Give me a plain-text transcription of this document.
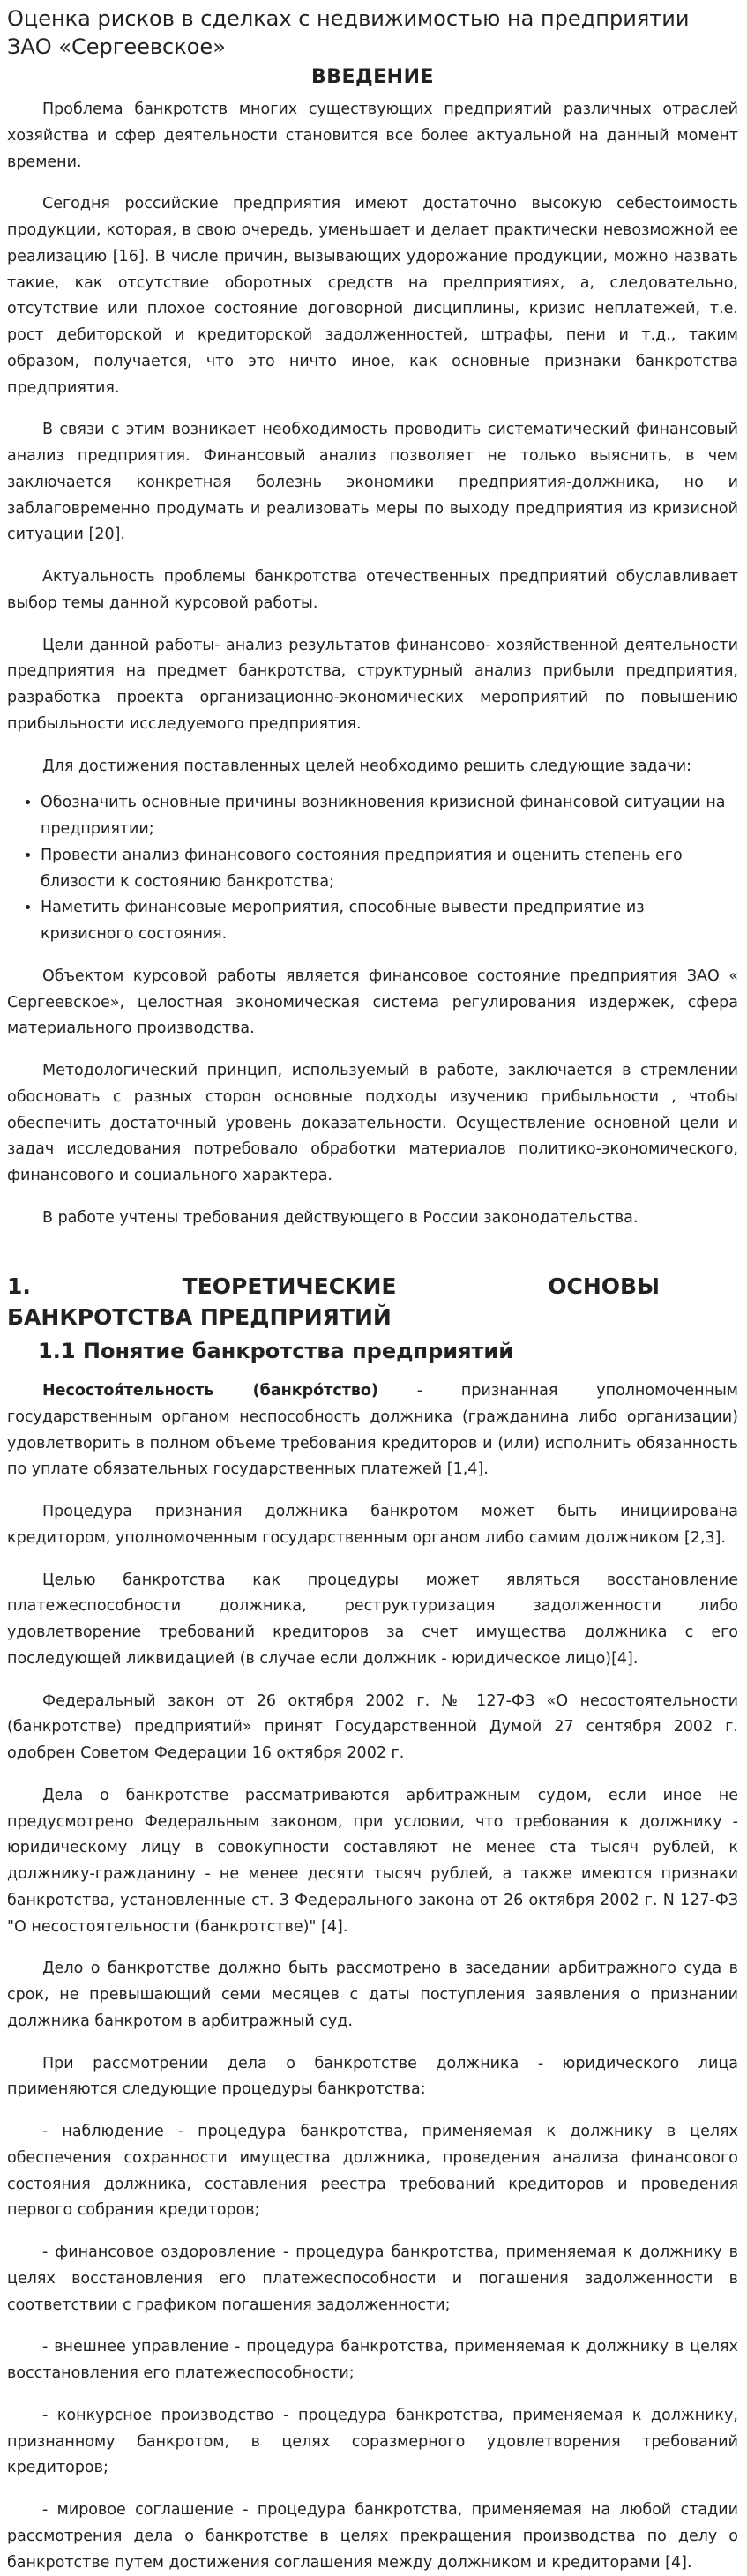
Оценка рисков в сделках с недвижимостью на предприятии ЗАО «Сергеевское»
ВВЕДЕНИЕ

Проблема банкротств многих существующих предприятий различных отраслей хозяйства и сфер деятельности становится все более актуальной на данный момент времени.

Сегодня российские предприятия имеют достаточно высокую себестоимость продукции, которая, в свою очередь, уменьшает и делает практически невозможной ее реализацию [16]. В числе причин, вызывающих удорожание продукции, можно назвать такие, как отсутствие оборотных средств на предприятиях, а, следовательно, отсутствие или плохое состояние договорной дисциплины, кризис неплатежей, т.е. рост дебиторской и кредиторской задолженностей, штрафы, пени и т.д., таким образом, получается, что это ничто иное, как основные признаки банкротства предприятия.

В связи с этим возникает необходимость проводить систематический финансовый анализ предприятия. Финансовый анализ позволяет не только выяснить, в чем заключается конкретная болезнь экономики предприятия-должника, но и заблаговременно продумать и реализовать меры по выходу предприятия из кризисной ситуации [20].

Актуальность проблемы банкротства отечественных предприятий обуславливает выбор темы данной курсовой работы.

Цели данной работы- анализ результатов финансово- хозяйственной деятельности предприятия на предмет банкротства, структурный анализ прибыли предприятия, разработка проекта организационно-экономических мероприятий по повышению прибыльности исследуемого предприятия.

Для достижения поставленных целей необходимо решить следующие задачи:

• Обозначить основные причины возникновения кризисной финансовой ситуации на предприятии;
• Провести анализ финансового состояния предприятия и оценить степень его близости к состоянию банкротства;
• Наметить финансовые мероприятия, способные вывести предприятие из кризисного состояния.

Объектом курсовой работы является финансовое состояние предприятия ЗАО « Сергеевское», целостная экономическая система регулирования издержек, сфера материального производства.

Методологический принцип, используемый в работе, заключается в стремлении обосновать с разных сторон основные подходы изучению прибыльности , чтобы обеспечить достаточный уровень доказательности. Осуществление основной цели и задач исследования потребовало обработки материалов политико-экономического, финансового и социального характера.

В работе учтены требования действующего в России законодательства.

1.	ТЕОРЕТИЧЕСКИЕ	ОСНОВЫ
БАНКРОТСТВА ПРЕДПРИЯТИЙ
1.1 Понятие банкротства предприятий

Несостоя́тельность (банкро́тство) - признанная уполномоченным государственным органом неспособность должника (гражданина либо организации) удовлетворить в полном объеме требования кредиторов и (или) исполнить обязанность по уплате обязательных государственных платежей [1,4].

Процедура признания должника банкротом может быть инициирована кредитором, уполномоченным государственным органом либо самим должником [2,3].

Целью банкротства как процедуры может являться восстановление платежеспособности должника, реструктуризация задолженности либо удовлетворение требований кредиторов за счет имущества должника с его последующей ликвидацией (в случае если должник - юридическое лицо)[4].

Федеральный закон от 26 октября 2002 г. № 127-ФЗ «О несостоятельности (банкротстве) предприятий» принят Государственной Думой 27 сентября 2002 г. одобрен Советом Федерации 16 октября 2002 г.

Дела о банкротстве рассматриваются арбитражным судом, если иное не предусмотрено Федеральным законом, при условии, что требования к должнику - юридическому лицу в совокупности составляют не менее ста тысяч рублей, к должнику-гражданину - не менее десяти тысяч рублей, а также имеются признаки банкротства, установленные ст. 3 Федерального закона от 26 октября 2002 г. N 127-ФЗ "О несостоятельности (банкротстве)" [4].

Дело о банкротстве должно быть рассмотрено в заседании арбитражного суда в срок, не превышающий семи месяцев с даты поступления заявления о признании должника банкротом в арбитражный суд.

При рассмотрении дела о банкротстве должника - юридического лица применяются следующие процедуры банкротства:

- наблюдение - процедура банкротства, применяемая к должнику в целях обеспечения сохранности имущества должника, проведения анализа финансового состояния должника, составления реестра требований кредиторов и проведения первого собрания кредиторов;

- финансовое оздоровление - процедура банкротства, применяемая к должнику в целях восстановления его платежеспособности и погашения задолженности в соответствии с графиком погашения задолженности;

- внешнее управление - процедура банкротства, применяемая к должнику в целях восстановления его платежеспособности;

- конкурсное производство - процедура банкротства, применяемая к должнику, признанному банкротом, в целях соразмерного удовлетворения требований кредиторов;

- мировое соглашение - процедура банкротства, применяемая на любой стадии рассмотрения дела о банкротстве в целях прекращения производства по делу о банкротстве путем достижения соглашения между должником и кредиторами [4].
